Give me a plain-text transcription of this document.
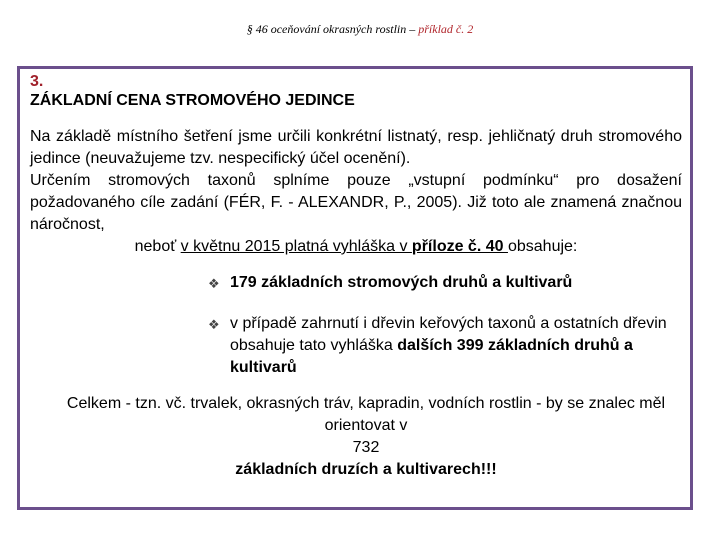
§ 46 oceňování okrasných rostlin – příklad č. 2
3.
ZÁKLADNÍ CENA STROMOVÉHO JEDINCE

Na základě místního šetření jsme určili konkrétní listnatý, resp. jehličnatý druh stromového jedince (neuvažujeme tzv. nespecifický účel ocenění).

Určením stromových taxonů splníme pouze „vstupní podmínku“ pro dosažení požadovaného cíle zadání (FÉR, F. - ALEXANDR, P., 2005). Již toto ale znamená značnou náročnost,

neboť v květnu 2015 platná vyhláška v příloze č. 40 obsahuje:
❖ 179 základních stromových druhů a kultivarů
❖ v případě zahrnutí i dřevin keřových taxonů a ostatních dřevin obsahuje tato vyhláška dalších 399 základních druhů a kultivarů
Celkem - tzn. vč. trvalek, okrasných tráv, kapradin, vodních rostlin - by se znalec měl orientovat v
732
základních druzích a kultivarech!!!
